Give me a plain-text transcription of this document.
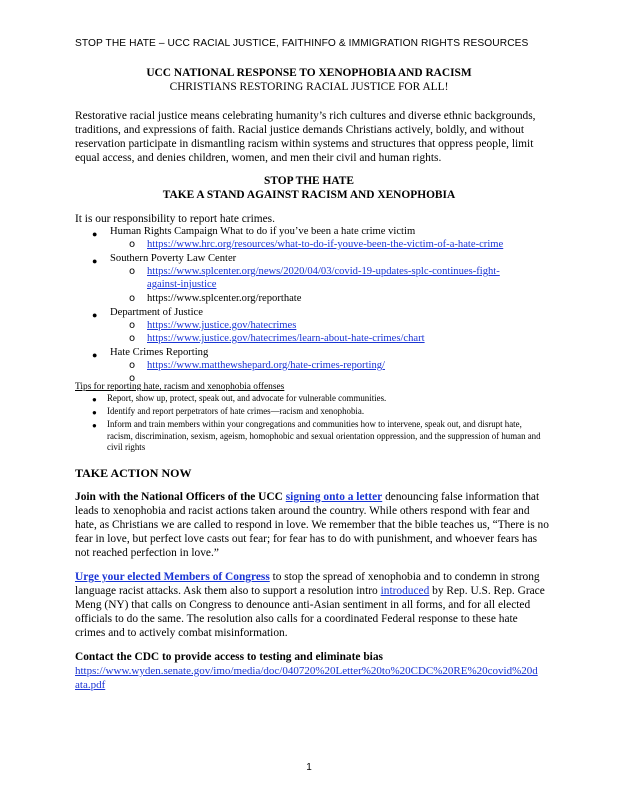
STOP THE HATE – UCC RACIAL JUSTICE, FAITHINFO & IMMIGRATION RIGHTS RESOURCES
UCC NATIONAL RESPONSE TO XENOPHOBIA AND RACISM
CHRISTIANS RESTORING RACIAL JUSTICE FOR ALL!
Restorative racial justice means celebrating humanity’s rich cultures and diverse ethnic backgrounds, traditions, and expressions of faith. Racial justice demands Christians actively, boldly, and without reservation participate in dismantling racism within systems and structures that oppress people, limit equal access, and denies children, women, and men their civil and human rights.
STOP THE HATE
TAKE A STAND AGAINST RACISM AND XENOPHOBIA
It is our responsibility to report hate crimes.
● Human Rights Campaign What to do if you’ve been a hate crime victim
o https://www.hrc.org/resources/what-to-do-if-youve-been-the-victim-of-a-hate-crime
● Southern Poverty Law Center
o https://www.splcenter.org/news/2020/04/03/covid-19-updates-splc-continues-fight-
against-injustice
o https://www.splcenter.org/reporthate
● Department of Justice
o https://www.justice.gov/hatecrimes
o https://www.justice.gov/hatecrimes/learn-about-hate-crimes/chart
● Hate Crimes Reporting
o https://www.matthewshepard.org/hate-crimes-reporting/
o
Tips for reporting hate, racism and xenophobia offenses
● Report, show up, protect, speak out, and advocate for vulnerable communities.
● Identify and report perpetrators of hate crimes—racism and xenophobia.
● Inform and train members within your congregations and communities how to intervene, speak out, and disrupt hate, racism, discrimination, sexism, ageism, homophobic and sexual orientation oppression, and the suppression of human and civil rights
TAKE ACTION NOW
Join with the National Officers of the UCC signing onto a letter denouncing false information that leads to xenophobia and racist actions taken around the country. While others respond with fear and hate, as Christians we are called to respond in love. We remember that the bible teaches us, “There is no fear in love, but perfect love casts out fear; for fear has to do with punishment, and whoever fears has not reached perfection in love.”
Urge your elected Members of Congress to stop the spread of xenophobia and to condemn in strong language racist attacks. Ask them also to support a resolution intro introduced by Rep. U.S. Rep. Grace Meng (NY) that calls on Congress to denounce anti-Asian sentiment in all forms, and for all elected officials to do the same. The resolution also calls for a coordinated Federal response to these hate crimes and to actively combat misinformation.
Contact the CDC to provide access to testing and eliminate bias
https://www.wyden.senate.gov/imo/media/doc/040720%20Letter%20to%20CDC%20RE%20covid%20d
ata.pdf
1
